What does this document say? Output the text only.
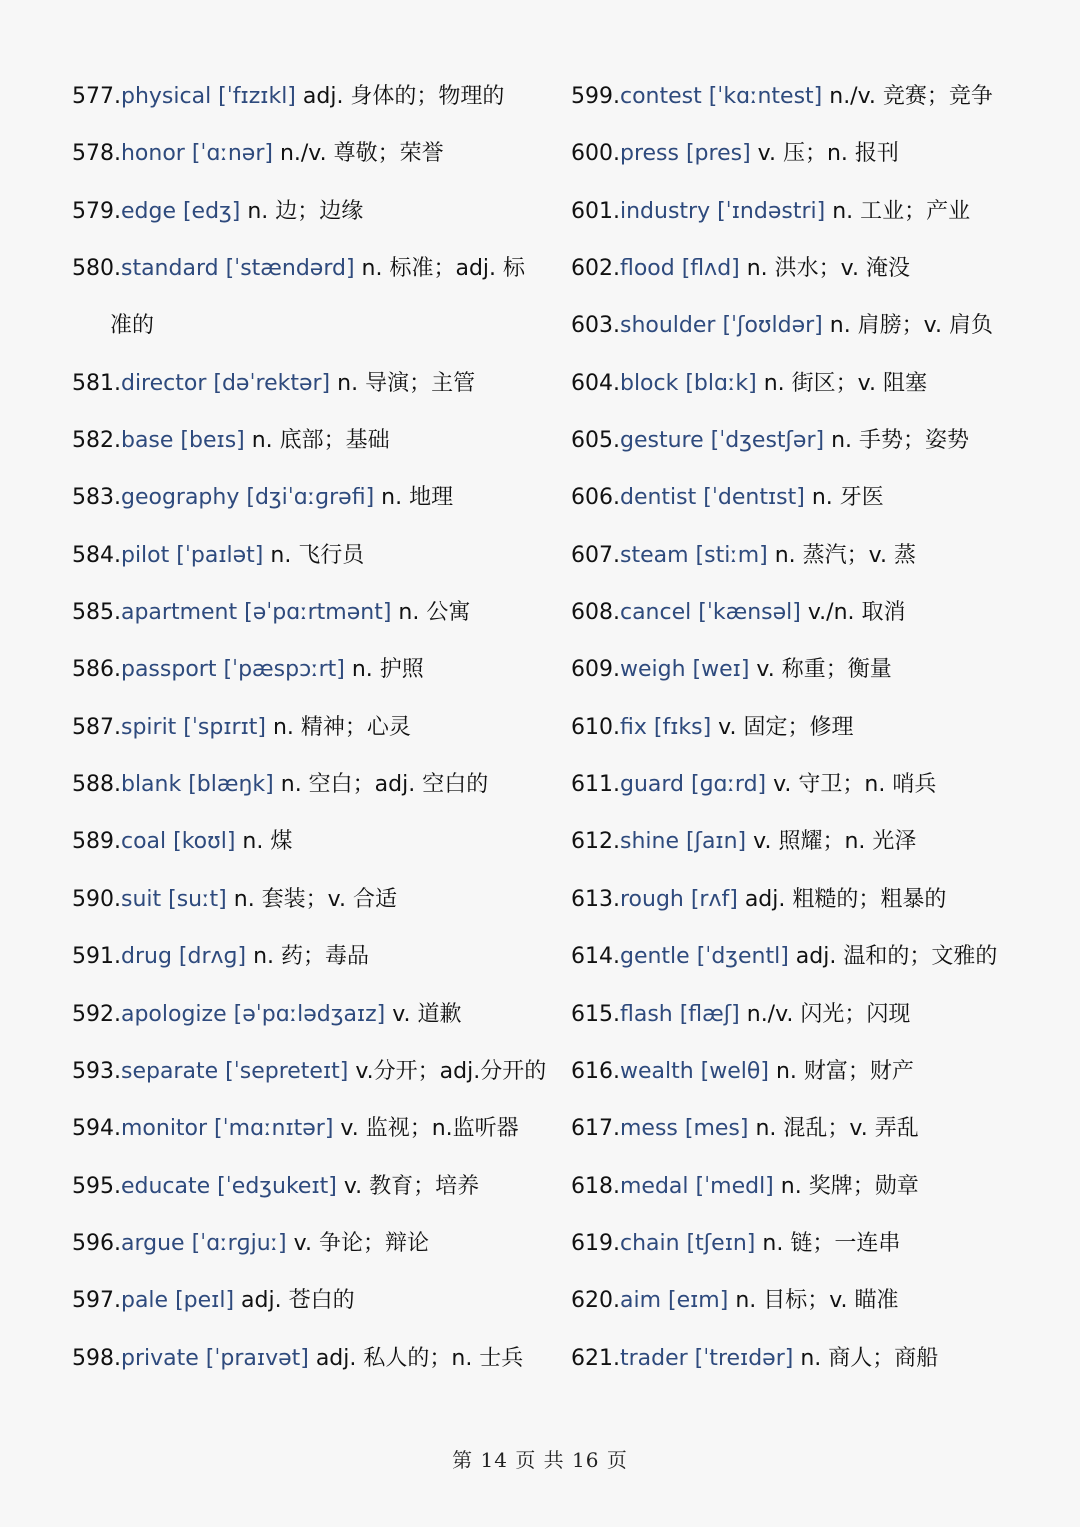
577.physical [ˈfɪzɪkl] adj. 身体的；物理的
578.honor [ˈɑːnər] n./v. 尊敬；荣誉
579.edge [edʒ] n. 边；边缘
580.standard [ˈstændərd] n. 标准；adj. 标
准的
581.director [dəˈrektər] n. 导演；主管
582.base [beɪs] n. 底部；基础
583.geography [dʒiˈɑːɡrəfi] n. 地理
584.pilot [ˈpaɪlət] n. 飞行员
585.apartment [əˈpɑːrtmənt] n. 公寓
586.passport [ˈpæspɔːrt] n. 护照
587.spirit [ˈspɪrɪt] n. 精神；心灵
588.blank [blæŋk] n. 空白；adj. 空白的
589.coal [koʊl] n. 煤
590.suit [suːt] n. 套装；v. 合适
591.drug [drʌɡ] n. 药；毒品
592.apologize [əˈpɑːlədʒaɪz] v. 道歉
593.separate [ˈsepreteɪt] v.分开；adj.分开的
594.monitor [ˈmɑːnɪtər] v. 监视；n.监听器
595.educate [ˈedʒukeɪt] v. 教育；培养
596.argue [ˈɑːrɡjuː] v. 争论；辩论
597.pale [peɪl] adj. 苍白的
598.private [ˈpraɪvət] adj. 私人的；n. 士兵
599.contest [ˈkɑːntest] n./v. 竞赛；竞争
600.press [pres] v. 压；n. 报刊
601.industry [ˈɪndəstri] n. 工业；产业
602.flood [flʌd] n. 洪水；v. 淹没
603.shoulder [ˈʃoʊldər] n. 肩膀；v. 肩负
604.block [blɑːk] n. 街区；v. 阻塞
605.gesture [ˈdʒestʃər] n. 手势；姿势
606.dentist [ˈdentɪst] n. 牙医
607.steam [stiːm] n. 蒸汽；v. 蒸
608.cancel [ˈkænsəl] v./n. 取消
609.weigh [weɪ] v. 称重；衡量
610.fix [fɪks] v. 固定；修理
611.guard [ɡɑːrd] v. 守卫；n. 哨兵
612.shine [ʃaɪn] v. 照耀；n. 光泽
613.rough [rʌf] adj. 粗糙的；粗暴的
614.gentle [ˈdʒentl] adj. 温和的；文雅的
615.flash [flæʃ] n./v. 闪光；闪现
616.wealth [welθ] n. 财富；财产
617.mess [mes] n. 混乱；v. 弄乱
618.medal [ˈmedl] n. 奖牌；勋章
619.chain [tʃeɪn] n. 链；一连串
620.aim [eɪm] n. 目标；v. 瞄准
621.trader [ˈtreɪdər] n. 商人；商船
第 14 页 共 16 页
